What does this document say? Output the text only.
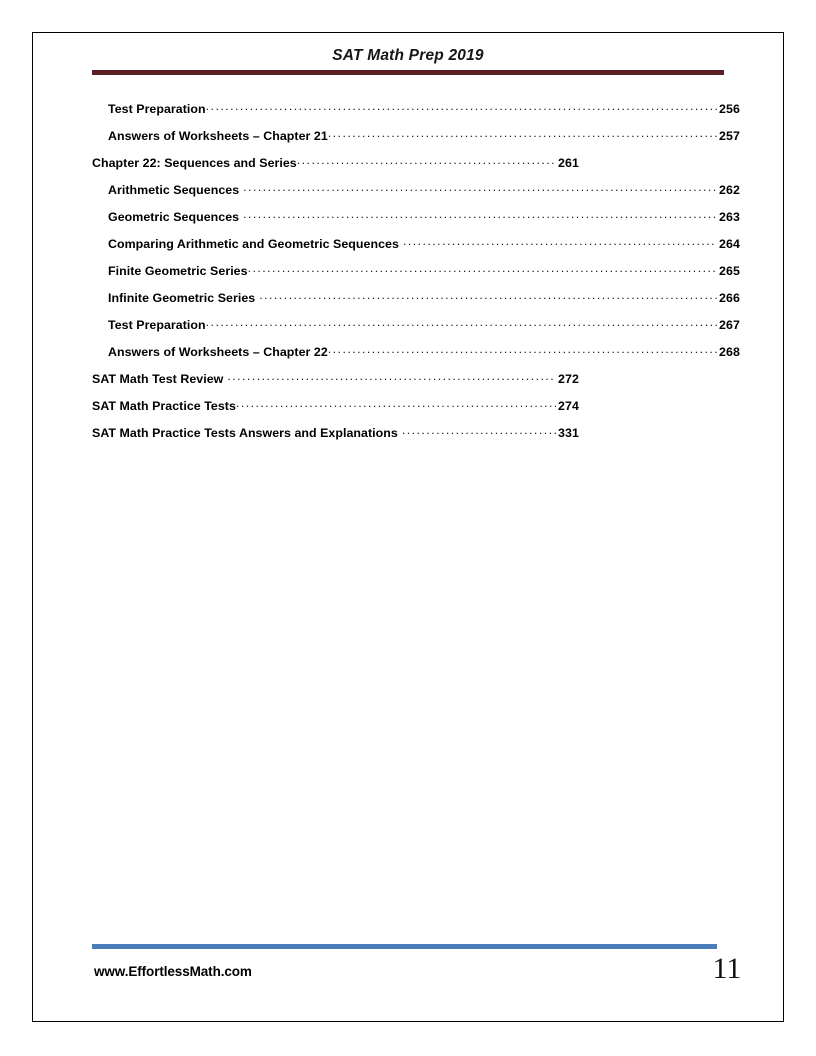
SAT Math Prep 2019
Test Preparation .....	256
Answers of Worksheets – Chapter 21 .....	257
Chapter 22: Sequences and Series .....	261
Arithmetic Sequences .....	262
Geometric Sequences .....	263
Comparing Arithmetic and Geometric Sequences .....	264
Finite Geometric Series .....	265
Infinite Geometric Series .....	266
Test Preparation .....	267
Answers of Worksheets – Chapter 22 .....	268
SAT Math Test Review .....	272
SAT Math Practice Tests .....	274
SAT Math Practice Tests Answers and Explanations .....	331
www.EffortlessMath.com	11
